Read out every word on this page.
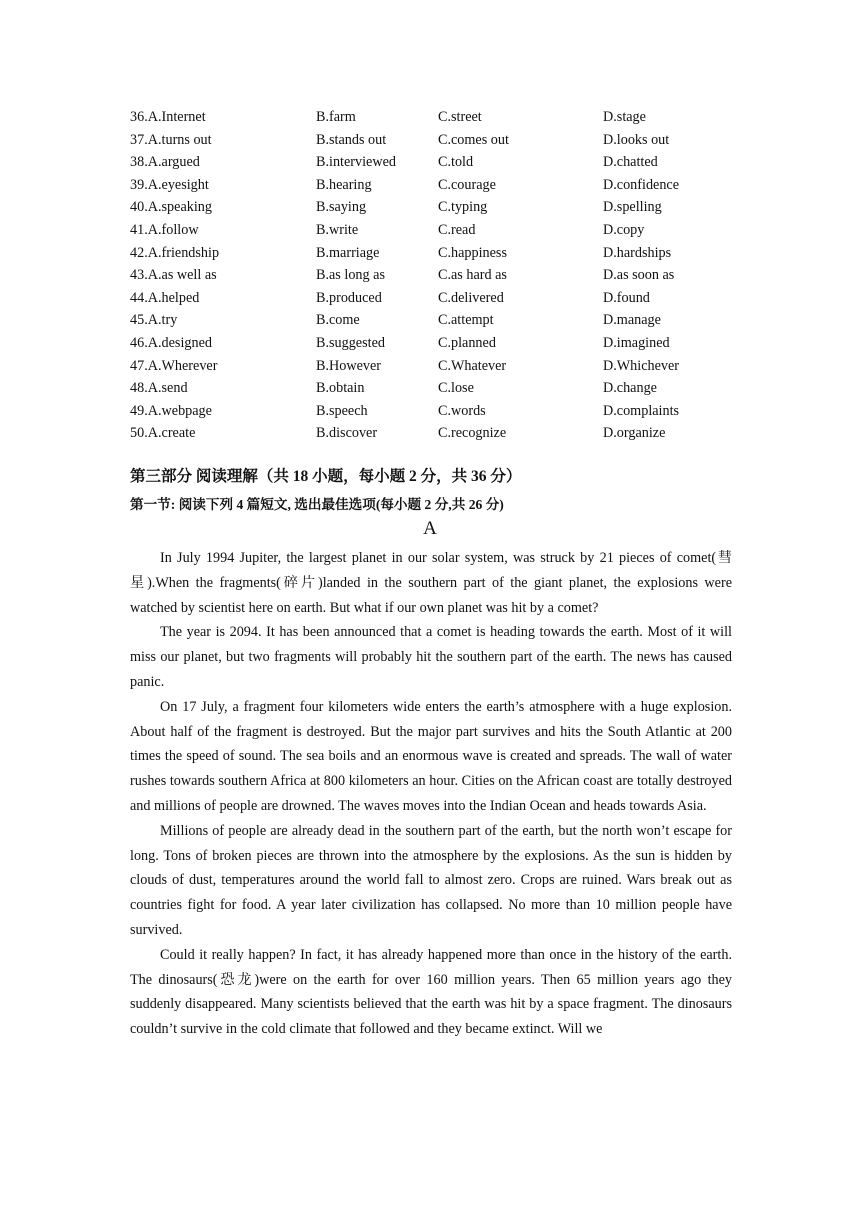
36.A.Internet	B.farm	C.street	D.stage
37.A.turns out	B.stands out	C.comes out	D.looks out
38.A.argued	B.interviewed	C.told	D.chatted
39.A.eyesight	B.hearing	C.courage	D.confidence
40.A.speaking	B.saying	C.typing	D.spelling
41.A.follow	B.write	C.read	D.copy
42.A.friendship	B.marriage	C.happiness	D.hardships
43.A.as well as	B.as long as	C.as hard as	D.as soon as
44.A.helped	B.produced	C.delivered	D.found
45.A.try	B.come	C.attempt	D.manage
46.A.designed	B.suggested	C.planned	D.imagined
47.A.Wherever	B.However	C.Whatever	D.Whichever
48.A.send	B.obtain	C.lose	D.change
49.A.webpage	B.speech	C.words	D.complaints
50.A.create	B.discover	C.recognize	D.organize
第三部分 阅读理解（共 18 小题，每小题 2 分，共 36 分）
第一节: 阅读下列 4 篇短文, 选出最佳选项(每小题 2 分,共 26 分)
A

In July 1994 Jupiter, the largest planet in our solar system, was struck by 21 pieces of comet(彗星).When the fragments(碎片)landed in the southern part of the giant planet, the explosions were watched by scientist here on earth. But what if our own planet was hit by a comet?

The year is 2094. It has been announced that a comet is heading towards the earth. Most of it will miss our planet, but two fragments will probably hit the southern part of the earth. The news has caused panic.

On 17 July, a fragment four kilometers wide enters the earth’s atmosphere with a huge explosion. About half of the fragment is destroyed. But the major part survives and hits the South Atlantic at 200 times the speed of sound. The sea boils and an enormous wave is created and spreads. The wall of water rushes towards southern Africa at 800 kilometers an hour. Cities on the African coast are totally destroyed and millions of people are drowned. The waves moves into the Indian Ocean and heads towards Asia.

Millions of people are already dead in the southern part of the earth, but the north won’t escape for long. Tons of broken pieces are thrown into the atmosphere by the explosions. As the sun is hidden by clouds of dust, temperatures around the world fall to almost zero. Crops are ruined. Wars break out as countries fight for food. A year later civilization has collapsed. No more than 10 million people have survived.

Could it really happen? In fact, it has already happened more than once in the history of the earth. The dinosaurs(恐龙)were on the earth for over 160 million years. Then 65 million years ago they suddenly disappeared. Many scientists believed that the earth was hit by a space fragment. The dinosaurs couldn’t survive in the cold climate that followed and they became extinct. Will we
